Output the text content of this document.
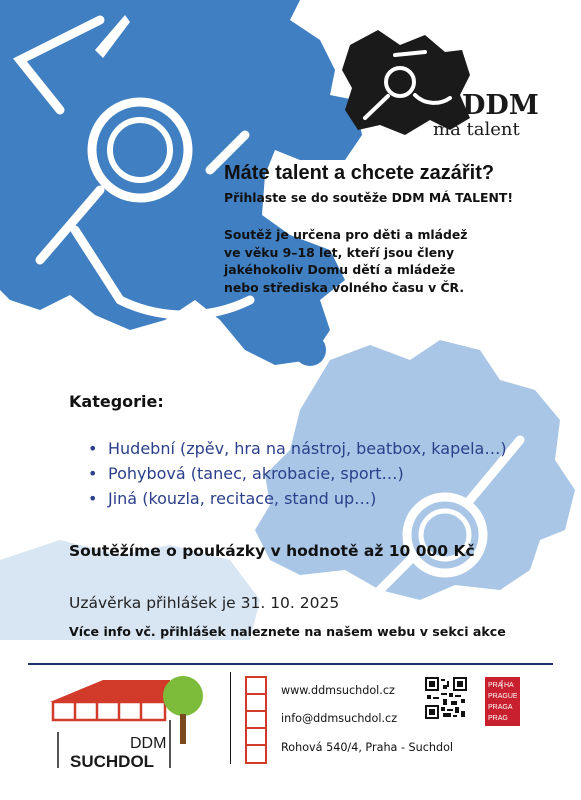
DDM
má talent
Máte talent a chcete zazářit?
Přihlaste se do soutěže DDM MÁ TALENT!
Soutěž je určena pro děti a mládež
ve věku 9–18 let, kteří jsou členy
jakéhokoliv Domu dětí a mládeže
nebo střediska volného času v ČR.
Kategorie:
• Hudební (zpěv, hra na nástroj, beatbox, kapela…)
• Pohybová (tanec, akrobacie, sport…)
• Jiná (kouzla, recitace, stand up…)
Soutěžíme o poukázky v hodnotě až 10 000 Kč
Uzávěrka přihlášek je 31. 10. 2025
Více info vč. přihlášek naleznete na našem webu v sekci akce
DDM
SUCHDOL
www.ddmsuchdol.cz
info@ddmsuchdol.cz
Rohová 540/4, Praha - Suchdol
PRA HA
PRAGUE
PRAGA
PRAG
